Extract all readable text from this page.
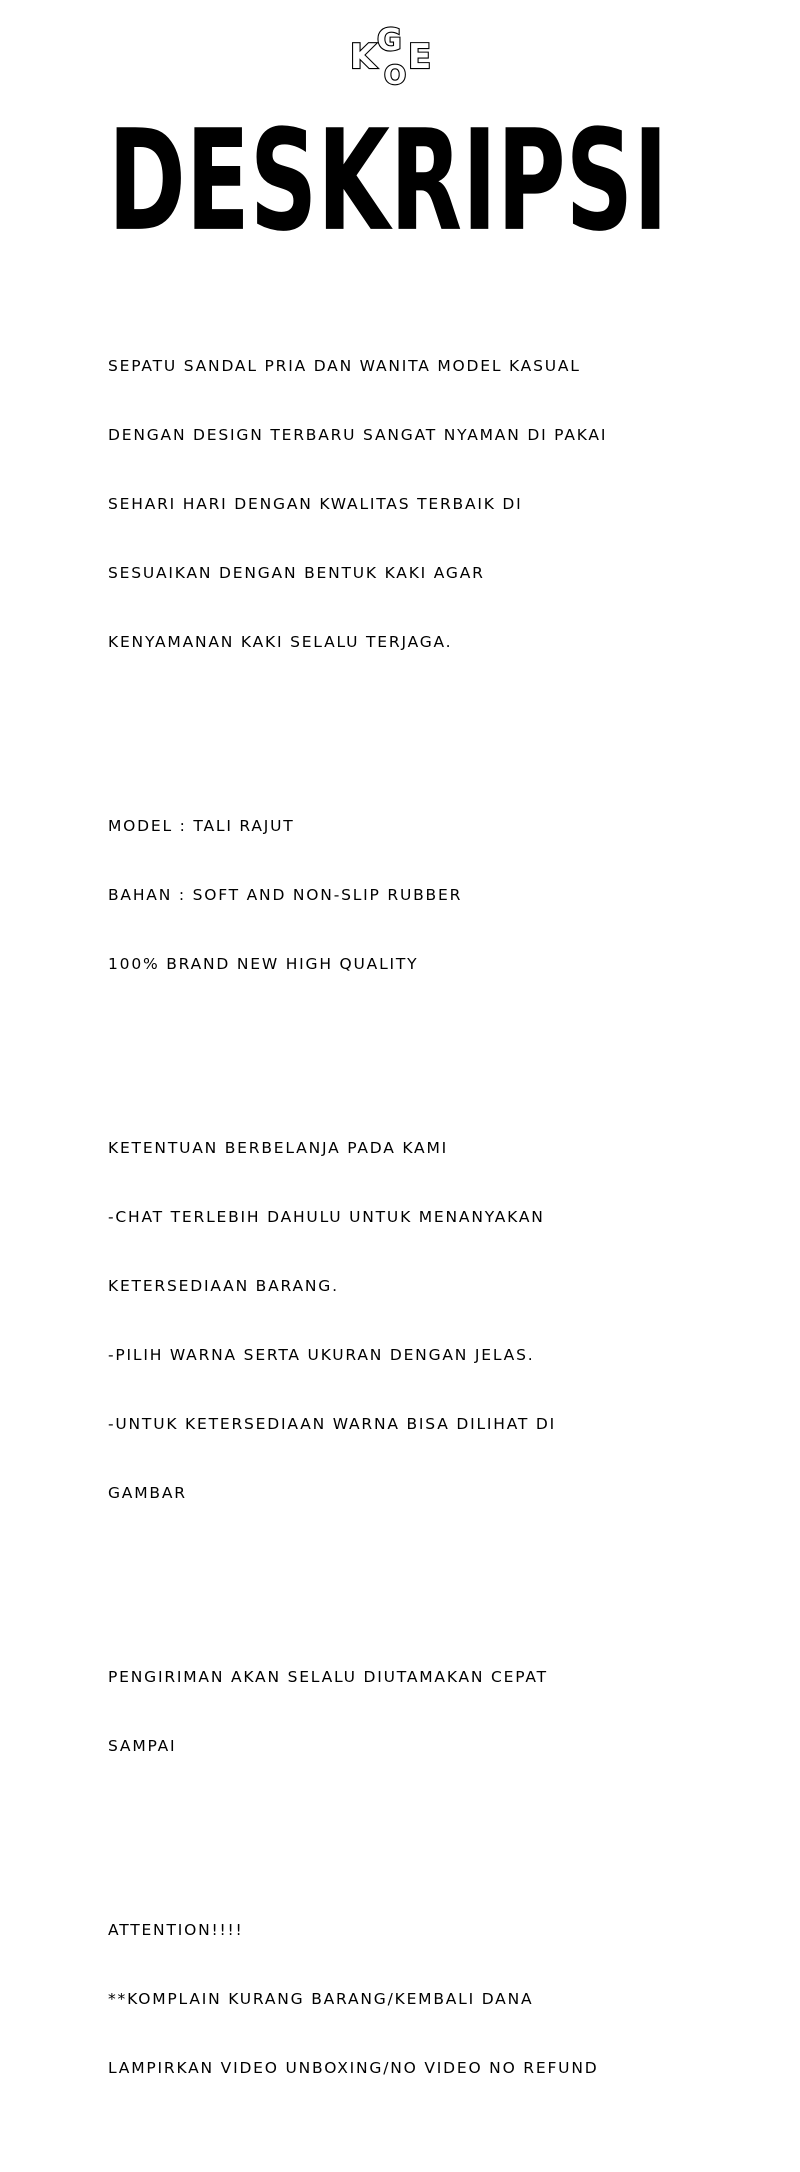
K G
O E
DESKRIPSI

SEPATU SANDAL PRIA DAN WANITA MODEL KASUAL

DENGAN DESIGN TERBARU SANGAT NYAMAN DI PAKAI

SEHARI HARI DENGAN KWALITAS TERBAIK DI

SESUAIKAN DENGAN BENTUK KAKI AGAR

KENYAMANAN KAKI SELALU TERJAGA.

MODEL : TALI RAJUT

BAHAN : SOFT AND NON-SLIP RUBBER

100% BRAND NEW HIGH QUALITY

KETENTUAN BERBELANJA PADA KAMI

-CHAT TERLEBIH DAHULU UNTUK MENANYAKAN

KETERSEDIAAN BARANG.

-PILIH WARNA SERTA UKURAN DENGAN JELAS.

-UNTUK KETERSEDIAAN WARNA BISA DILIHAT DI

GAMBAR

PENGIRIMAN AKAN SELALU DIUTAMAKAN CEPAT

SAMPAI

ATTENTION!!!!

**KOMPLAIN KURANG BARANG/KEMBALI DANA

LAMPIRKAN VIDEO UNBOXING/NO VIDEO NO REFUND
